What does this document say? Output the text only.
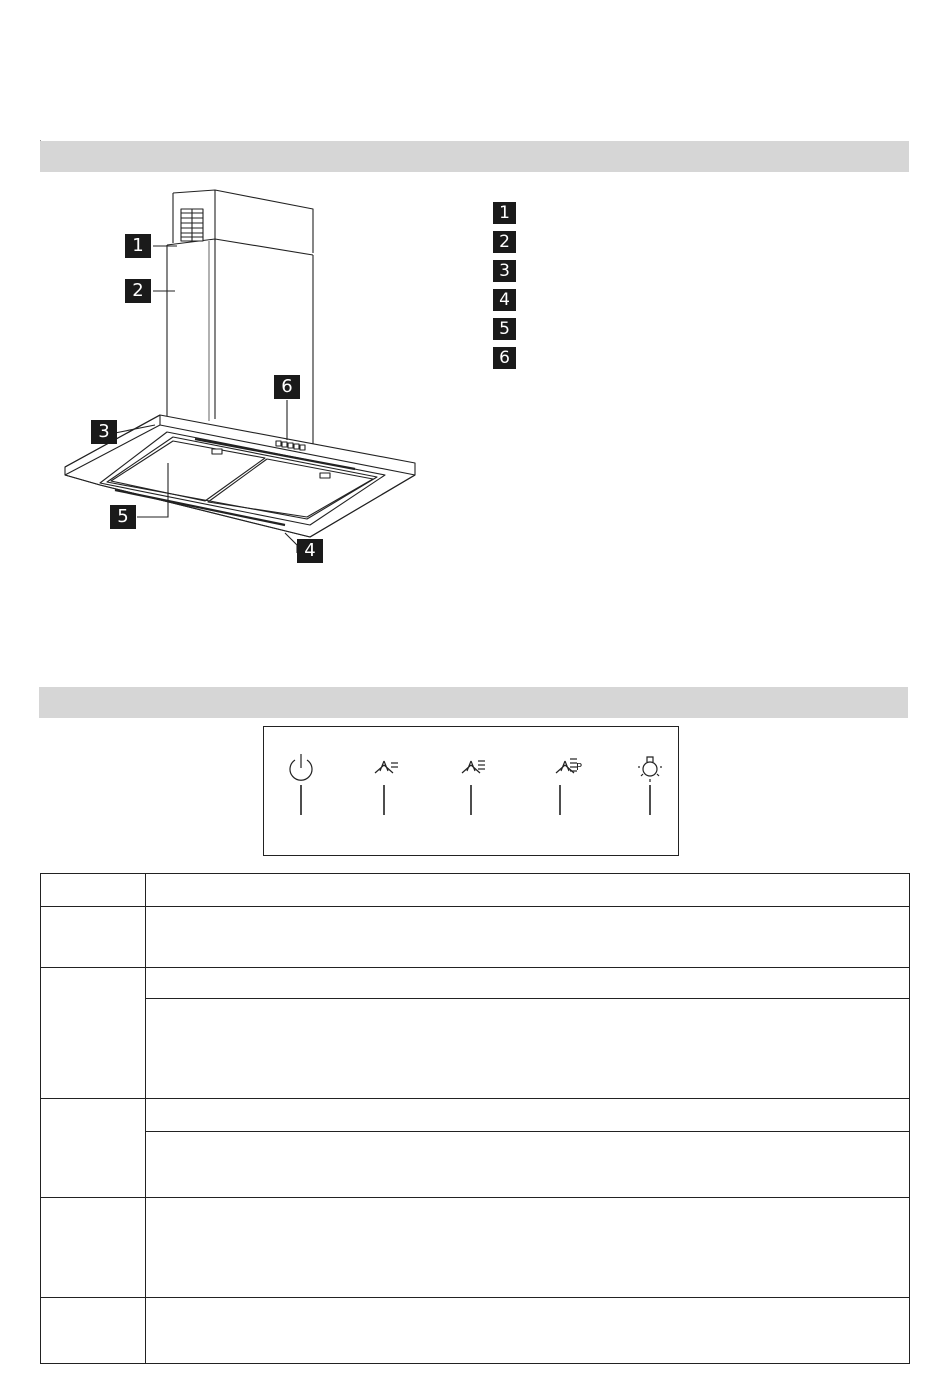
1
2
3
5
6
4
1
2
3
4
5
6
P
